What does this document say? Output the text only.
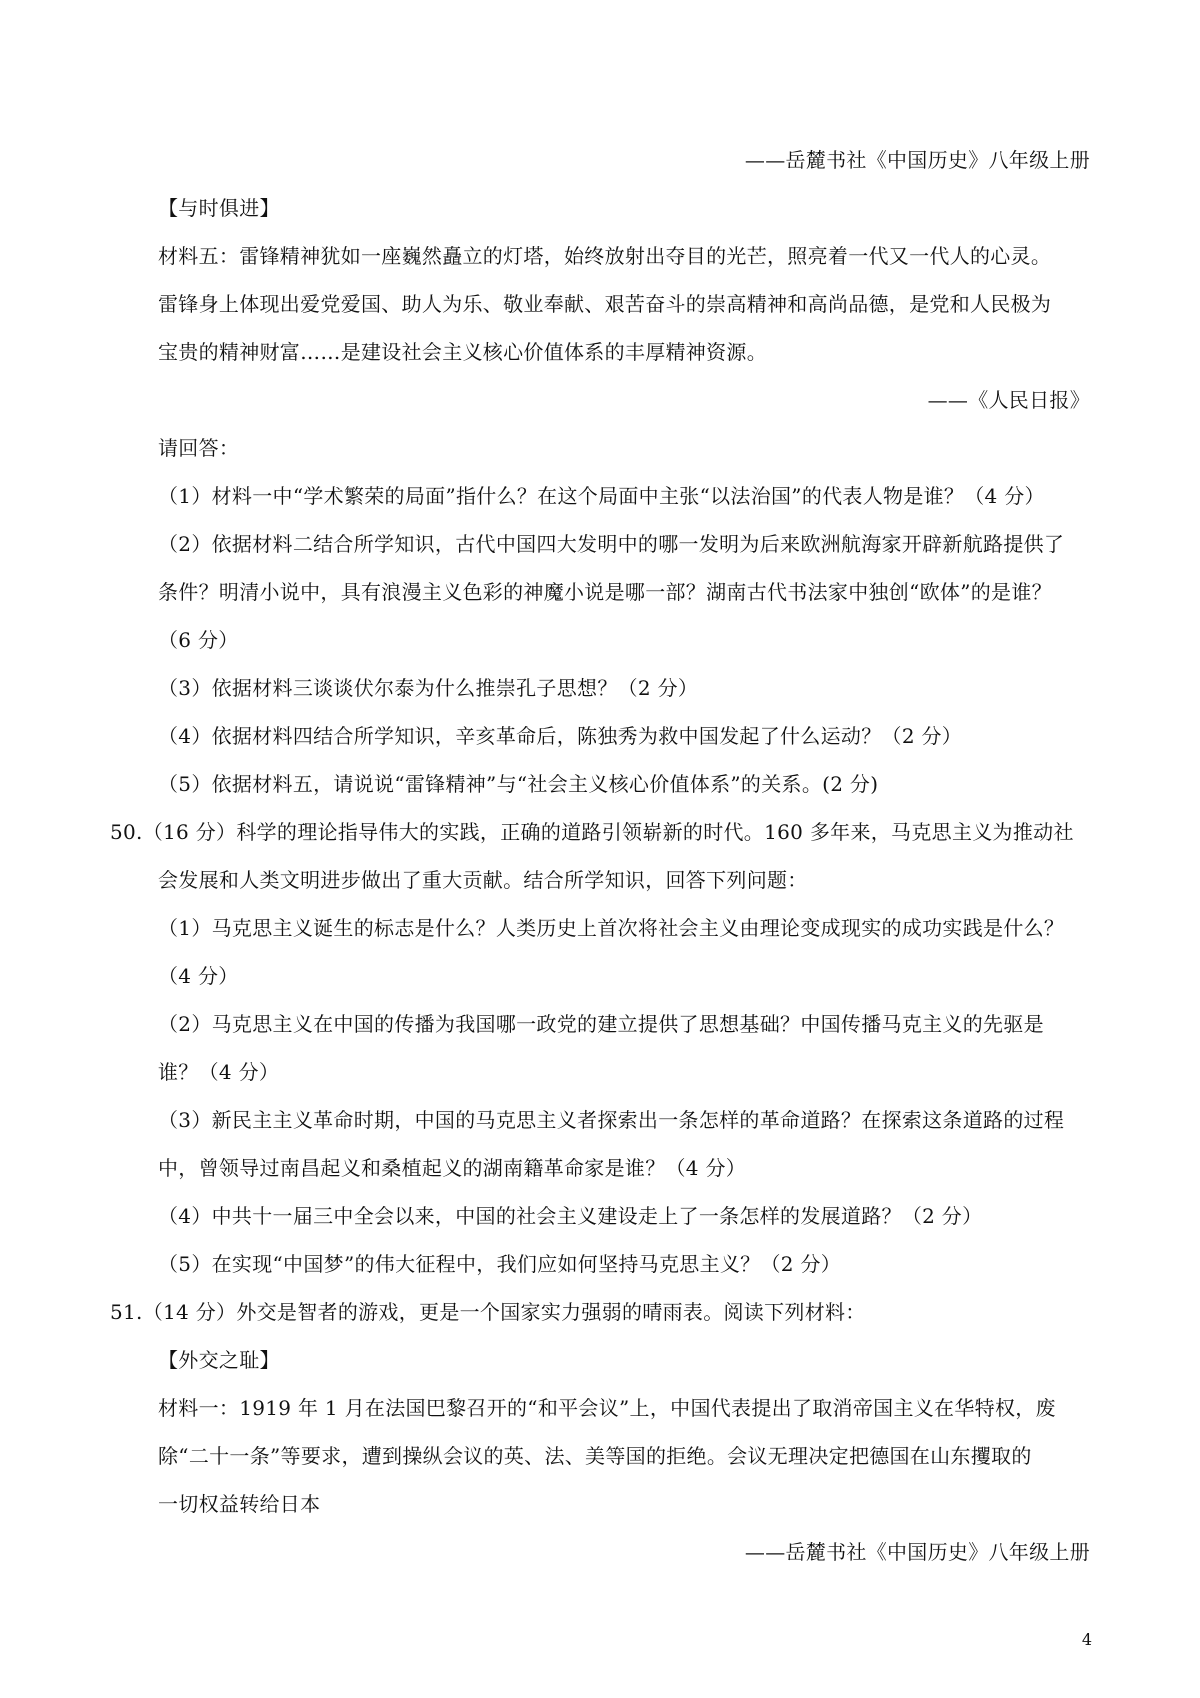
——岳麓书社《中国历史》八年级上册
【与时俱进】
材料五：雷锋精神犹如一座巍然矗立的灯塔，始终放射出夺目的光芒，照亮着一代又一代人的心灵。
雷锋身上体现出爱党爱国、助人为乐、敬业奉献、艰苦奋斗的崇高精神和高尚品德，是党和人民极为
宝贵的精神财富……是建设社会主义核心价值体系的丰厚精神资源。
——《人民日报》
请回答：
（1）材料一中“学术繁荣的局面”指什么？在这个局面中主张“以法治国”的代表人物是谁？（4 分）
（2）依据材料二结合所学知识，古代中国四大发明中的哪一发明为后来欧洲航海家开辟新航路提供了
条件？明清小说中，具有浪漫主义色彩的神魔小说是哪一部？湖南古代书法家中独创“欧体”的是谁？
（6 分）
（3）依据材料三谈谈伏尔泰为什么推崇孔子思想？（2 分）
（4）依据材料四结合所学知识，辛亥革命后，陈独秀为救中国发起了什么运动？（2 分）
（5）依据材料五，请说说“雷锋精神”与“社会主义核心价值体系”的关系。(2 分)
50.（16 分）科学的理论指导伟大的实践，正确的道路引领崭新的时代。160 多年来，马克思主义为推动社
会发展和人类文明进步做出了重大贡献。结合所学知识，回答下列问题：
（1）马克思主义诞生的标志是什么？人类历史上首次将社会主义由理论变成现实的成功实践是什么？
（4 分）
（2）马克思主义在中国的传播为我国哪一政党的建立提供了思想基础？中国传播马克主义的先驱是
谁？（4 分）
（3）新民主主义革命时期，中国的马克思主义者探索出一条怎样的革命道路？在探索这条道路的过程
中，曾领导过南昌起义和桑植起义的湖南籍革命家是谁？（4 分）
（4）中共十一届三中全会以来，中国的社会主义建设走上了一条怎样的发展道路？（2 分）
（5）在实现“中国梦”的伟大征程中，我们应如何坚持马克思主义？（2 分）
51.（14 分）外交是智者的游戏，更是一个国家实力强弱的晴雨表。阅读下列材料：
【外交之耻】
材料一：1919 年 1 月在法国巴黎召开的“和平会议”上，中国代表提出了取消帝国主义在华特权，废
除“二十一条”等要求，遭到操纵会议的英、法、美等国的拒绝。会议无理决定把德国在山东攫取的
一切权益转给日本
——岳麓书社《中国历史》八年级上册
4
